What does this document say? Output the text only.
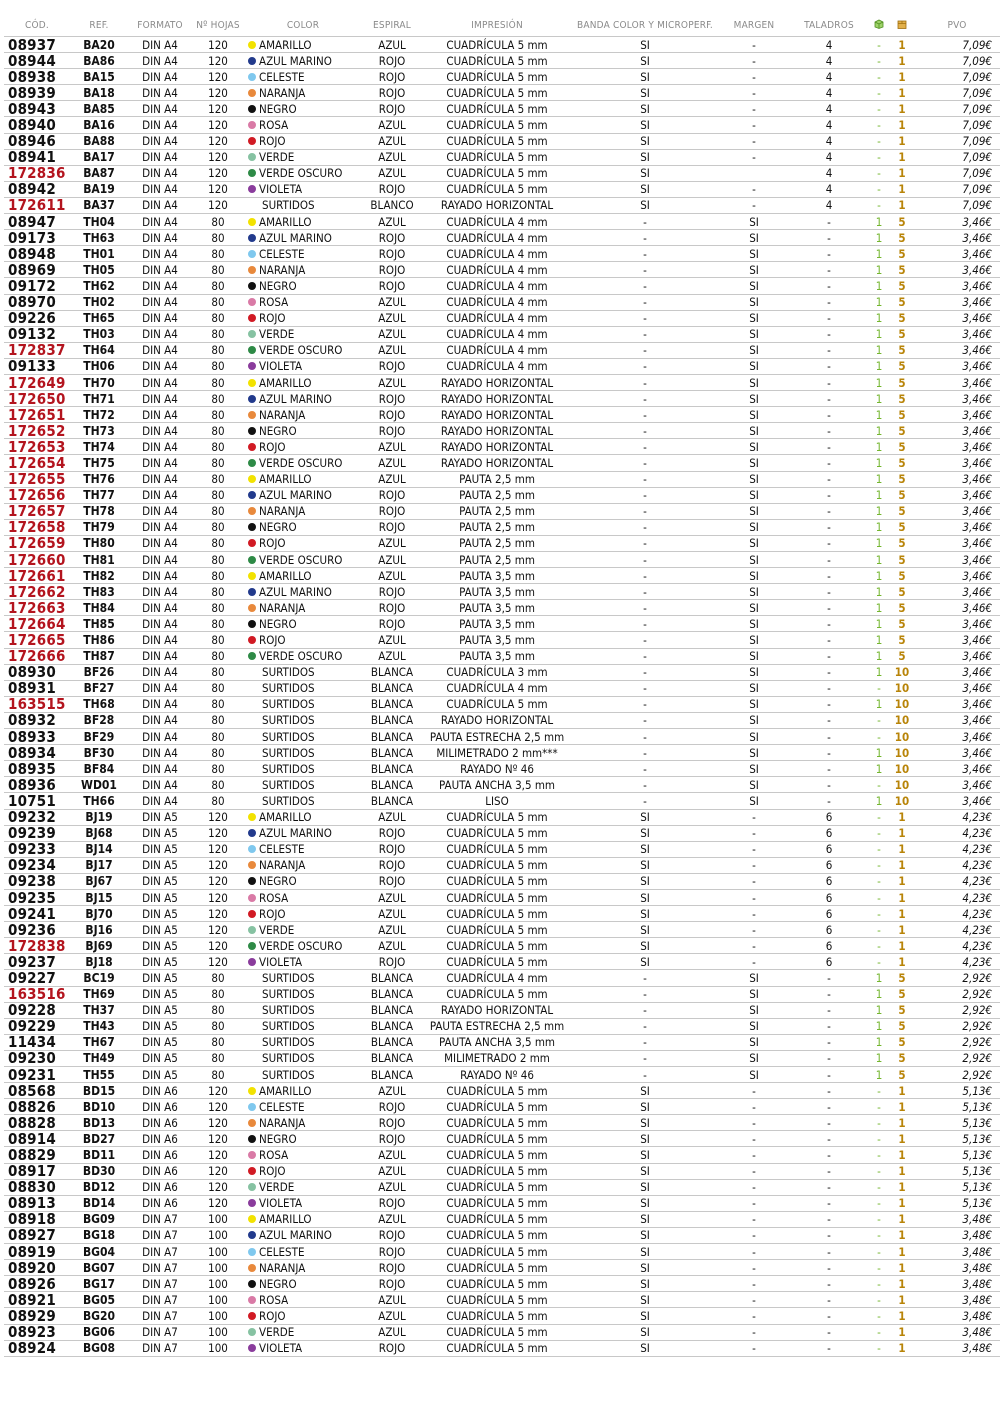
CÓD.	REF.	FORMATO	Nº HOJAS	COLOR	ESPIRAL	IMPRESIÓN	BANDA COLOR Y MICROPERF.	MARGEN	TALADROS			PVO
08937	BA20	DIN A4	120	AMARILLO	AZUL	CUADRÍCULA 5 mm	SI	-	4	-	1	7,09€
08944	BA86	DIN A4	120	AZUL MARINO	ROJO	CUADRÍCULA 5 mm	SI	-	4	-	1	7,09€
08938	BA15	DIN A4	120	CELESTE	ROJO	CUADRÍCULA 5 mm	SI	-	4	-	1	7,09€
08939	BA18	DIN A4	120	NARANJA	ROJO	CUADRÍCULA 5 mm	SI	-	4	-	1	7,09€
08943	BA85	DIN A4	120	NEGRO	ROJO	CUADRÍCULA 5 mm	SI	-	4	-	1	7,09€
08940	BA16	DIN A4	120	ROSA	AZUL	CUADRÍCULA 5 mm	SI	-	4	-	1	7,09€
08946	BA88	DIN A4	120	ROJO	AZUL	CUADRÍCULA 5 mm	SI	-	4	-	1	7,09€
08941	BA17	DIN A4	120	VERDE	AZUL	CUADRÍCULA 5 mm	SI	-	4	-	1	7,09€
172836	BA87	DIN A4	120	VERDE OSCURO	AZUL	CUADRÍCULA 5 mm	SI		4	-	1	7,09€
08942	BA19	DIN A4	120	VIOLETA	ROJO	CUADRÍCULA 5 mm	SI	-	4	-	1	7,09€
172611	BA37	DIN A4	120	SURTIDOS	BLANCO	RAYADO HORIZONTAL	SI	-	4	-	1	7,09€
08947	TH04	DIN A4	80	AMARILLO	AZUL	CUADRÍCULA 4 mm	-	SI	-	1	5	3,46€
09173	TH63	DIN A4	80	AZUL MARINO	ROJO	CUADRÍCULA 4 mm	-	SI	-	1	5	3,46€
08948	TH01	DIN A4	80	CELESTE	ROJO	CUADRÍCULA 4 mm	-	SI	-	1	5	3,46€
08969	TH05	DIN A4	80	NARANJA	ROJO	CUADRÍCULA 4 mm	-	SI	-	1	5	3,46€
09172	TH62	DIN A4	80	NEGRO	ROJO	CUADRÍCULA 4 mm	-	SI	-	1	5	3,46€
08970	TH02	DIN A4	80	ROSA	AZUL	CUADRÍCULA 4 mm	-	SI	-	1	5	3,46€
09226	TH65	DIN A4	80	ROJO	AZUL	CUADRÍCULA 4 mm	-	SI	-	1	5	3,46€
09132	TH03	DIN A4	80	VERDE	AZUL	CUADRÍCULA 4 mm	-	SI	-	1	5	3,46€
172837	TH64	DIN A4	80	VERDE OSCURO	AZUL	CUADRÍCULA 4 mm	-	SI	-	1	5	3,46€
09133	TH06	DIN A4	80	VIOLETA	ROJO	CUADRÍCULA 4 mm	-	SI	-	1	5	3,46€
172649	TH70	DIN A4	80	AMARILLO	AZUL	RAYADO HORIZONTAL	-	SI	-	1	5	3,46€
172650	TH71	DIN A4	80	AZUL MARINO	ROJO	RAYADO HORIZONTAL	-	SI	-	1	5	3,46€
172651	TH72	DIN A4	80	NARANJA	ROJO	RAYADO HORIZONTAL	-	SI	-	1	5	3,46€
172652	TH73	DIN A4	80	NEGRO	ROJO	RAYADO HORIZONTAL	-	SI	-	1	5	3,46€
172653	TH74	DIN A4	80	ROJO	AZUL	RAYADO HORIZONTAL	-	SI	-	1	5	3,46€
172654	TH75	DIN A4	80	VERDE OSCURO	AZUL	RAYADO HORIZONTAL	-	SI	-	1	5	3,46€
172655	TH76	DIN A4	80	AMARILLO	AZUL	PAUTA 2,5 mm	-	SI	-	1	5	3,46€
172656	TH77	DIN A4	80	AZUL MARINO	ROJO	PAUTA 2,5 mm	-	SI	-	1	5	3,46€
172657	TH78	DIN A4	80	NARANJA	ROJO	PAUTA 2,5 mm	-	SI	-	1	5	3,46€
172658	TH79	DIN A4	80	NEGRO	ROJO	PAUTA 2,5 mm	-	SI	-	1	5	3,46€
172659	TH80	DIN A4	80	ROJO	AZUL	PAUTA 2,5 mm	-	SI	-	1	5	3,46€
172660	TH81	DIN A4	80	VERDE OSCURO	AZUL	PAUTA 2,5 mm	-	SI	-	1	5	3,46€
172661	TH82	DIN A4	80	AMARILLO	AZUL	PAUTA 3,5 mm	-	SI	-	1	5	3,46€
172662	TH83	DIN A4	80	AZUL MARINO	ROJO	PAUTA 3,5 mm	-	SI	-	1	5	3,46€
172663	TH84	DIN A4	80	NARANJA	ROJO	PAUTA 3,5 mm	-	SI	-	1	5	3,46€
172664	TH85	DIN A4	80	NEGRO	ROJO	PAUTA 3,5 mm	-	SI	-	1	5	3,46€
172665	TH86	DIN A4	80	ROJO	AZUL	PAUTA 3,5 mm	-	SI	-	1	5	3,46€
172666	TH87	DIN A4	80	VERDE OSCURO	AZUL	PAUTA 3,5 mm	-	SI	-	1	5	3,46€
08930	BF26	DIN A4	80	SURTIDOS	BLANCA	CUADRÍCULA 3 mm	-	SI	-	1	10	3,46€
08931	BF27	DIN A4	80	SURTIDOS	BLANCA	CUADRÍCULA 4 mm	-	SI	-	-	10	3,46€
163515	TH68	DIN A4	80	SURTIDOS	BLANCA	CUADRÍCULA 5 mm	-	SI	-	1	10	3,46€
08932	BF28	DIN A4	80	SURTIDOS	BLANCA	RAYADO HORIZONTAL	-	SI	-	-	10	3,46€
08933	BF29	DIN A4	80	SURTIDOS	BLANCA	PAUTA ESTRECHA 2,5 mm	-	SI	-	-	10	3,46€
08934	BF30	DIN A4	80	SURTIDOS	BLANCA	MILIMETRADO 2 mm***	-	SI	-	1	10	3,46€
08935	BF84	DIN A4	80	SURTIDOS	BLANCA	RAYADO Nº 46	-	SI	-	1	10	3,46€
08936	WD01	DIN A4	80	SURTIDOS	BLANCA	PAUTA ANCHA 3,5 mm	-	SI	-	-	10	3,46€
10751	TH66	DIN A4	80	SURTIDOS	BLANCA	LISO	-	SI	-	1	10	3,46€
09232	BJ19	DIN A5	120	AMARILLO	AZUL	CUADRÍCULA 5 mm	SI	-	6	-	1	4,23€
09239	BJ68	DIN A5	120	AZUL MARINO	ROJO	CUADRÍCULA 5 mm	SI	-	6	-	1	4,23€
09233	BJ14	DIN A5	120	CELESTE	ROJO	CUADRÍCULA 5 mm	SI	-	6	-	1	4,23€
09234	BJ17	DIN A5	120	NARANJA	ROJO	CUADRÍCULA 5 mm	SI	-	6	-	1	4,23€
09238	BJ67	DIN A5	120	NEGRO	ROJO	CUADRÍCULA 5 mm	SI	-	6	-	1	4,23€
09235	BJ15	DIN A5	120	ROSA	AZUL	CUADRÍCULA 5 mm	SI	-	6	-	1	4,23€
09241	BJ70	DIN A5	120	ROJO	AZUL	CUADRÍCULA 5 mm	SI	-	6	-	1	4,23€
09236	BJ16	DIN A5	120	VERDE	AZUL	CUADRÍCULA 5 mm	SI	-	6	-	1	4,23€
172838	BJ69	DIN A5	120	VERDE OSCURO	AZUL	CUADRÍCULA 5 mm	SI	-	6	-	1	4,23€
09237	BJ18	DIN A5	120	VIOLETA	ROJO	CUADRÍCULA 5 mm	SI	-	6	-	1	4,23€
09227	BC19	DIN A5	80	SURTIDOS	BLANCA	CUADRÍCULA 4 mm	-	SI	-	1	5	2,92€
163516	TH69	DIN A5	80	SURTIDOS	BLANCA	CUADRÍCULA 5 mm	-	SI	-	1	5	2,92€
09228	TH37	DIN A5	80	SURTIDOS	BLANCA	RAYADO HORIZONTAL	-	SI	-	1	5	2,92€
09229	TH43	DIN A5	80	SURTIDOS	BLANCA	PAUTA ESTRECHA 2,5 mm	-	SI	-	1	5	2,92€
11434	TH67	DIN A5	80	SURTIDOS	BLANCA	PAUTA ANCHA 3,5 mm	-	SI	-	1	5	2,92€
09230	TH49	DIN A5	80	SURTIDOS	BLANCA	MILIMETRADO 2 mm	-	SI	-	1	5	2,92€
09231	TH55	DIN A5	80	SURTIDOS	BLANCA	RAYADO Nº 46	-	SI	-	1	5	2,92€
08568	BD15	DIN A6	120	AMARILLO	AZUL	CUADRÍCULA 5 mm	SI	-	-	-	1	5,13€
08826	BD10	DIN A6	120	CELESTE	ROJO	CUADRÍCULA 5 mm	SI	-	-	-	1	5,13€
08828	BD13	DIN A6	120	NARANJA	ROJO	CUADRÍCULA 5 mm	SI	-	-	-	1	5,13€
08914	BD27	DIN A6	120	NEGRO	ROJO	CUADRÍCULA 5 mm	SI	-	-	-	1	5,13€
08829	BD11	DIN A6	120	ROSA	AZUL	CUADRÍCULA 5 mm	SI	-	-	-	1	5,13€
08917	BD30	DIN A6	120	ROJO	AZUL	CUADRÍCULA 5 mm	SI	-	-	-	1	5,13€
08830	BD12	DIN A6	120	VERDE	AZUL	CUADRÍCULA 5 mm	SI	-	-	-	1	5,13€
08913	BD14	DIN A6	120	VIOLETA	ROJO	CUADRÍCULA 5 mm	SI	-	-	-	1	5,13€
08918	BG09	DIN A7	100	AMARILLO	AZUL	CUADRÍCULA 5 mm	SI	-	-	-	1	3,48€
08927	BG18	DIN A7	100	AZUL MARINO	ROJO	CUADRÍCULA 5 mm	SI	-	-	-	1	3,48€
08919	BG04	DIN A7	100	CELESTE	ROJO	CUADRÍCULA 5 mm	SI	-	-	-	1	3,48€
08920	BG07	DIN A7	100	NARANJA	ROJO	CUADRÍCULA 5 mm	SI	-	-	-	1	3,48€
08926	BG17	DIN A7	100	NEGRO	ROJO	CUADRÍCULA 5 mm	SI	-	-	-	1	3,48€
08921	BG05	DIN A7	100	ROSA	AZUL	CUADRÍCULA 5 mm	SI	-	-	-	1	3,48€
08929	BG20	DIN A7	100	ROJO	AZUL	CUADRÍCULA 5 mm	SI	-	-	-	1	3,48€
08923	BG06	DIN A7	100	VERDE	AZUL	CUADRÍCULA 5 mm	SI	-	-	-	1	3,48€
08924	BG08	DIN A7	100	VIOLETA	ROJO	CUADRÍCULA 5 mm	SI	-	-	-	1	3,48€
